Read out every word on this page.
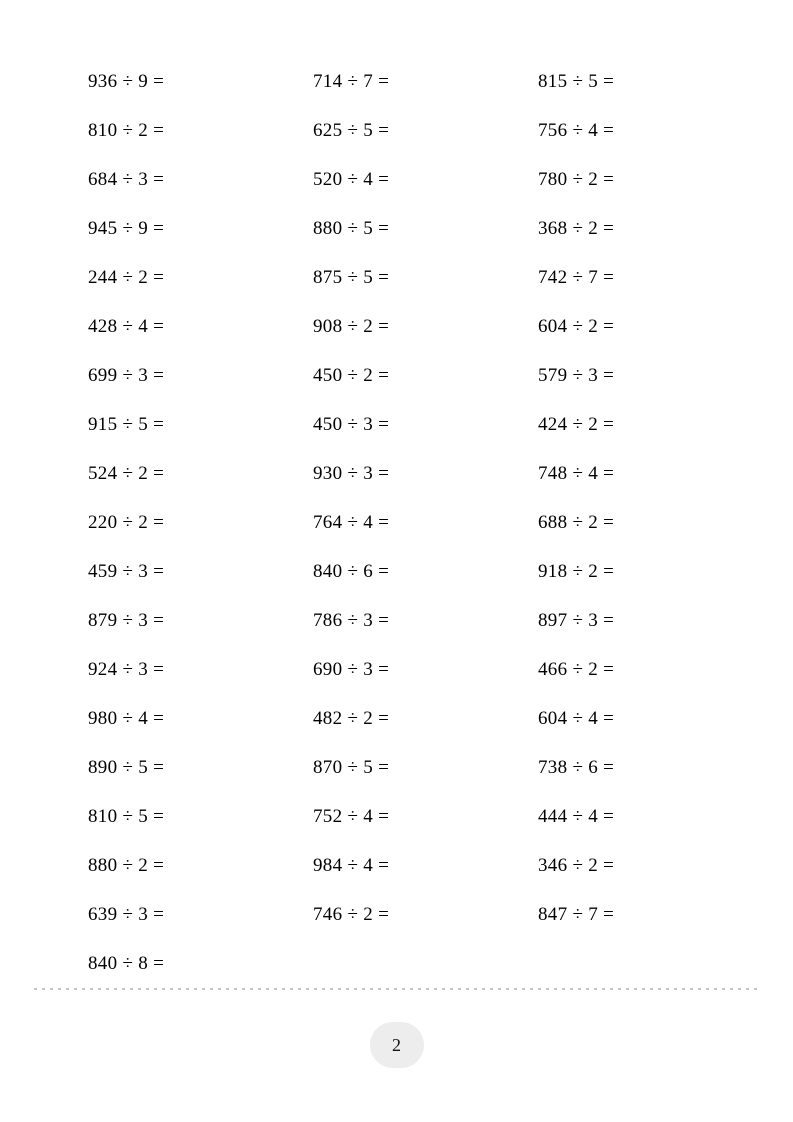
936 ÷ 9 =	714 ÷ 7 =	815 ÷ 5 =
810 ÷ 2 =	625 ÷ 5 =	756 ÷ 4 =
684 ÷ 3 =	520 ÷ 4 =	780 ÷ 2 =
945 ÷ 9 =	880 ÷ 5 =	368 ÷ 2 =
244 ÷ 2 =	875 ÷ 5 =	742 ÷ 7 =
428 ÷ 4 =	908 ÷ 2 =	604 ÷ 2 =
699 ÷ 3 =	450 ÷ 2 =	579 ÷ 3 =
915 ÷ 5 =	450 ÷ 3 =	424 ÷ 2 =
524 ÷ 2 =	930 ÷ 3 =	748 ÷ 4 =
220 ÷ 2 =	764 ÷ 4 =	688 ÷ 2 =
459 ÷ 3 =	840 ÷ 6 =	918 ÷ 2 =
879 ÷ 3 =	786 ÷ 3 =	897 ÷ 3 =
924 ÷ 3 =	690 ÷ 3 =	466 ÷ 2 =
980 ÷ 4 =	482 ÷ 2 =	604 ÷ 4 =
890 ÷ 5 =	870 ÷ 5 =	738 ÷ 6 =
810 ÷ 5 =	752 ÷ 4 =	444 ÷ 4 =
880 ÷ 2 =	984 ÷ 4 =	346 ÷ 2 =
639 ÷ 3 =	746 ÷ 2 =	847 ÷ 7 =
840 ÷ 8 =
2
